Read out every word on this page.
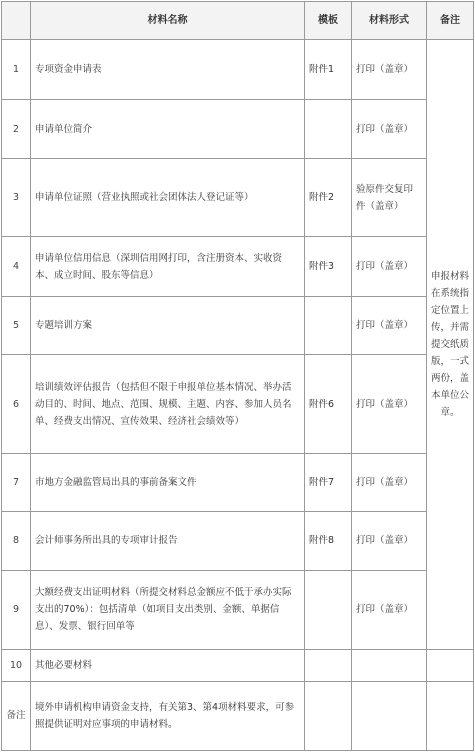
	材料名称	模板	材料形式	备注
1	专项资金申请表	附件1	打印（盖章）	申报材料在系统指定位置上传，并需提交纸质版，一式两份，盖本单位公章。
2	申请单位简介		打印（盖章）	
3	申请单位证照（营业执照或社会团体法人登记证等）	附件2	验原件交复印件（盖章）	
4	申请单位信用信息（深圳信用网打印，含注册资本、实收资本、成立时间、股东等信息）	附件3	打印（盖章）	
5	专题培训方案		打印（盖章）	
6	培训绩效评估报告（包括但不限于申报单位基本情况、举办活动目的、时间、地点、范围、规模、主题、内容、参加人员名单、经费支出情况、宣传效果、经济社会绩效等）	附件6	打印（盖章）	
7	市地方金融监管局出具的事前备案文件	附件7	打印（盖章）	
8	会计师事务所出具的专项审计报告	附件8	打印（盖章）	
9	大额经费支出证明材料（所提交材料总金额应不低于承办实际支出的70%）：包括清单（如项目支出类别、金额、单据信息）、发票、银行回单等		打印（盖章）	
10	其他必要材料			
备注	境外申请机构申请资金支持，有关第3、第4项材料要求，可参照提供证明对应事项的申请材料。			
